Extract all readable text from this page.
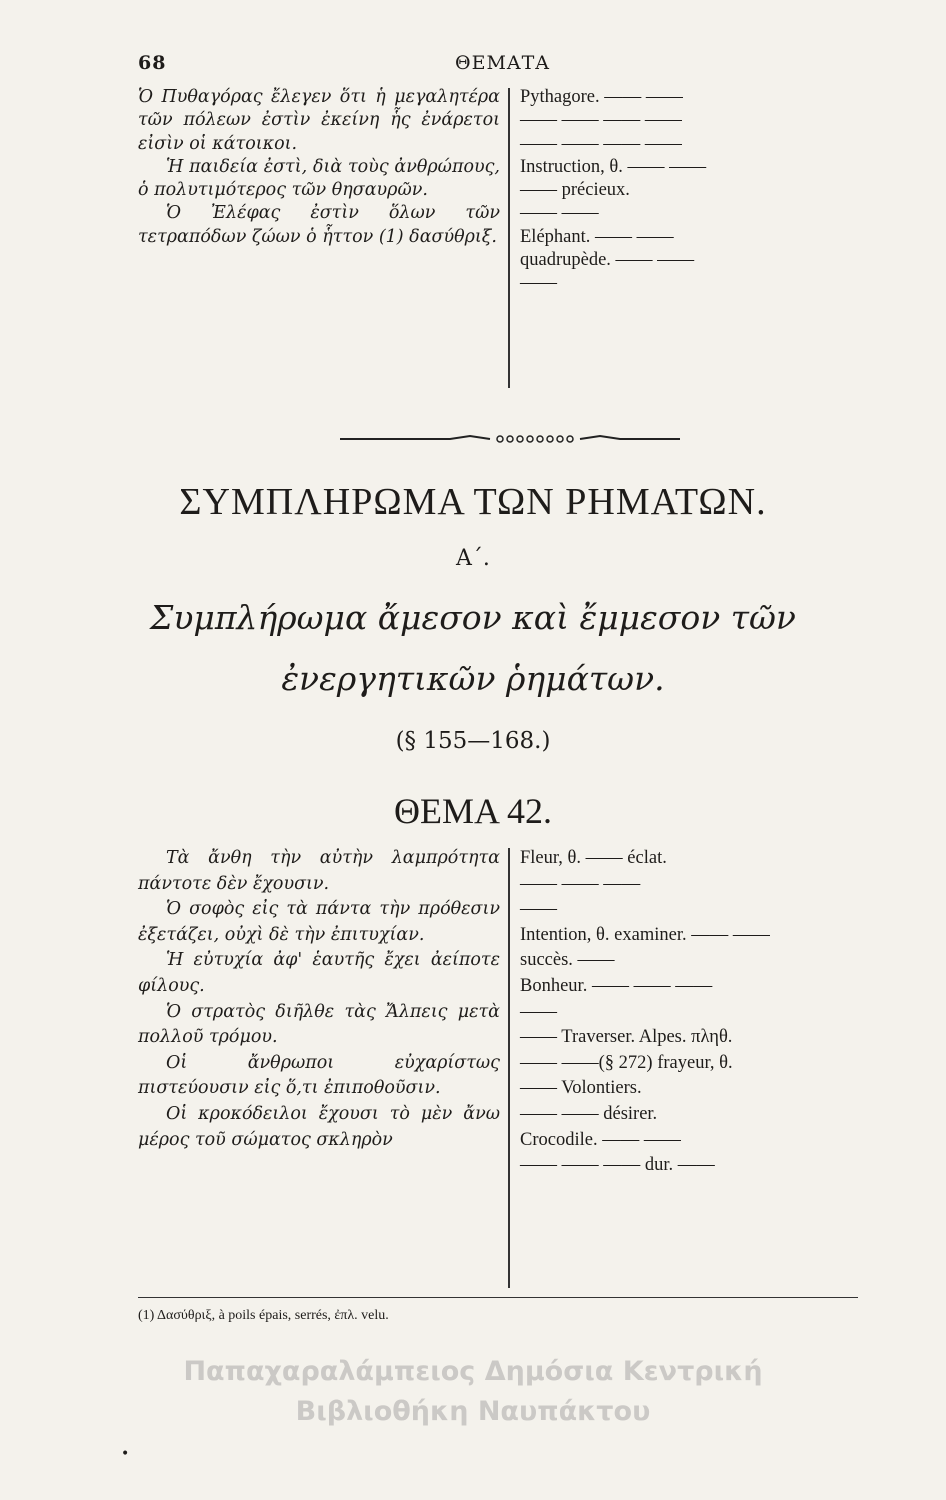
68	ΘΕΜΑΤΑ

Ὁ Πυθαγόρας ἔλεγεν ὅτι ἡ μεγαλητέρα τῶν πόλεων ἐστὶν ἐκείνη ἧς ἐνάρετοι εἰσὶν οἱ κάτοικοι.

Ἡ παιδεία ἐστὶ, διὰ τοὺς ἀνθρώπους, ὁ πολυτιμότερος τῶν θησαυρῶν.

Ὁ Ἐλέφας ἐστὶν ὅλων τῶν τετραπόδων ζώων ὁ ἧττον (1) δασύθριξ.

Pythagore. —— ——
—— —— —— ——
—— —— —— ——
Instruction, θ. —— ——
—— précieux.
—— ——
Eléphant. —— ——
quadrupède. —— ——
——
ΣΥΜΠΛΗΡΩΜΑ ΤΩΝ ΡΗΜΑΤΩΝ.
Α΄.
Συμπλήρωμα ἄμεσον καὶ ἔμμεσον τῶν
ἐνεργητικῶν ῥημάτων.
(§ 155—168.)
ΘΕΜΑ 42.

Τὰ ἄνθη τὴν αὐτὴν λαμπρότητα πάντοτε δὲν ἔχουσιν.

Ὁ σοφὸς εἰς τὰ πάντα τὴν πρόθεσιν ἐξετάζει, οὐχὶ δὲ τὴν ἐπιτυχίαν.

Ἡ εὐτυχία ἀφ' ἑαυτῆς ἔχει ἀείποτε φίλους.

Ὁ στρατὸς διῆλθε τὰς Ἄλπεις μετὰ πολλοῦ τρόμου.

Οἱ ἄνθρωποι εὐχαρίστως πιστεύουσιν εἰς ὅ,τι ἐπιποθοῦσιν.

Οἱ κροκόδειλοι ἔχουσι τὸ μὲν ἄνω μέρος τοῦ σώματος σκληρὸν

Fleur, θ. —— éclat.
—— —— ——
——
Intention, θ. examiner. —— ——
succès. ——
Bonheur. —— —— ——
——
—— Traverser. Alpes. πληθ.
—— ——(§ 272) frayeur, θ.
—— Volontiers.
—— —— désirer.
Crocodile. —— ——
—— —— —— dur. ——
(1) Δασύθριξ, à poils épais, serrés, ἐπλ. velu.
Παπαχαραλάμπειος Δημόσια Κεντρική
Βιβλιοθήκη Ναυπάκτου
•
